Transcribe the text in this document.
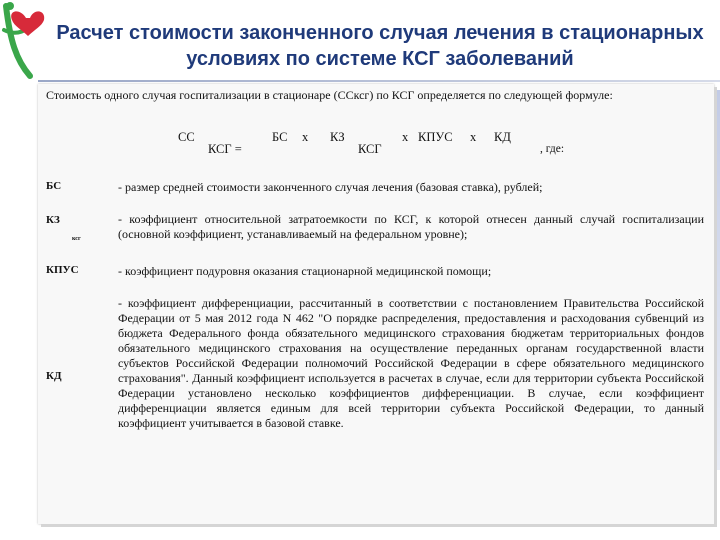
Расчет стоимости законченного случая лечения в стационарных условиях по системе КСГ заболеваний
Стоимость одного случая госпитализации в стационаре (ССксг) по КСГ определяется по следующей формуле:
СС
КСГ =
БС х КЗ
КСГ
х КПУС х КД
, где:
БС	- размер средней стоимости законченного случая лечения (базовая ставка), рублей;
КЗ
ксг
- коэффициент относительной затратоемкости по КСГ, к которой отнесен данный случай госпитализации (основной коэффициент, устанавливаемый на федеральном уровне);
КПУС	- коэффициент подуровня оказания стационарной медицинской помощи;
КД
- коэффициент дифференциации, рассчитанный в соответствии с постановлением Правительства Российской Федерации от 5 мая 2012 года N 462 "О порядке распределения, предоставления и расходования субвенций из бюджета Федерального фонда обязательного медицинского страхования бюджетам территориальных фондов обязательного медицинского страхования на осуществление переданных органам государственной власти субъектов Российской Федерации полномочий Российской Федерации в сфере обязательного медицинского страхования". Данный коэффициент используется в расчетах в случае, если для территории субъекта Российской Федерации установлено несколько коэффициентов дифференциации. В случае, если коэффициент дифференциации является единым для всей территории субъекта Российской Федерации, то данный коэффициент учитывается в базовой ставке.
